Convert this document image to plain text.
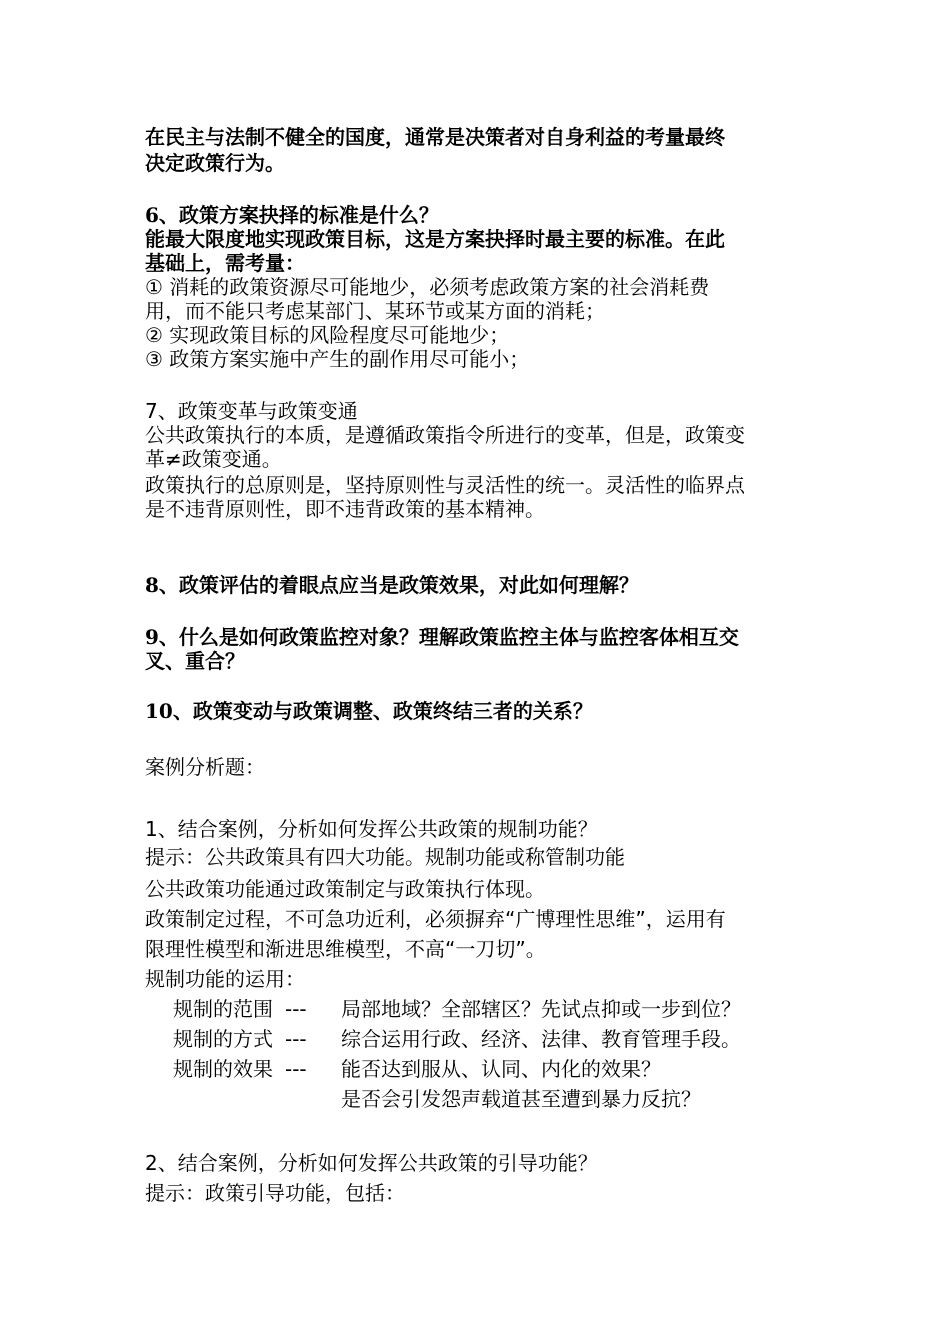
在民主与法制不健全的国度，通常是决策者对自身利益的考量最终
决定政策行为。
6、政策方案抉择的标准是什么？
能最大限度地实现政策目标，这是方案抉择时最主要的标准。在此
基础上，需考量：
① 消耗的政策资源尽可能地少，必须考虑政策方案的社会消耗费
用，而不能只考虑某部门、某环节或某方面的消耗；
② 实现政策目标的风险程度尽可能地少；
③ 政策方案实施中产生的副作用尽可能小；
7、政策变革与政策变通
公共政策执行的本质，是遵循政策指令所进行的变革，但是，政策变
革≠政策变通。
政策执行的总原则是，坚持原则性与灵活性的统一。灵活性的临界点
是不违背原则性，即不违背政策的基本精神。
8、政策评估的着眼点应当是政策效果，对此如何理解？
9、什么是如何政策监控对象？理解政策监控主体与监控客体相互交
叉、重合？
10、政策变动与政策调整、政策终结三者的关系？
案例分析题：
1、结合案例，分析如何发挥公共政策的规制功能？
提示：公共政策具有四大功能。规制功能或称管制功能
公共政策功能通过政策制定与政策执行体现。
政策制定过程，不可急功近利，必须摒弃“广博理性思维”，运用有
限理性模型和渐进思维模型，不高“一刀切”。
规制功能的运用：
规制的范围 --- 局部地域？全部辖区？先试点抑或一步到位？
规制的方式 --- 综合运用行政、经济、法律、教育管理手段。
规制的效果 --- 能否达到服从、认同、内化的效果？
是否会引发怨声载道甚至遭到暴力反抗？
2、结合案例，分析如何发挥公共政策的引导功能？
提示：政策引导功能，包括：
